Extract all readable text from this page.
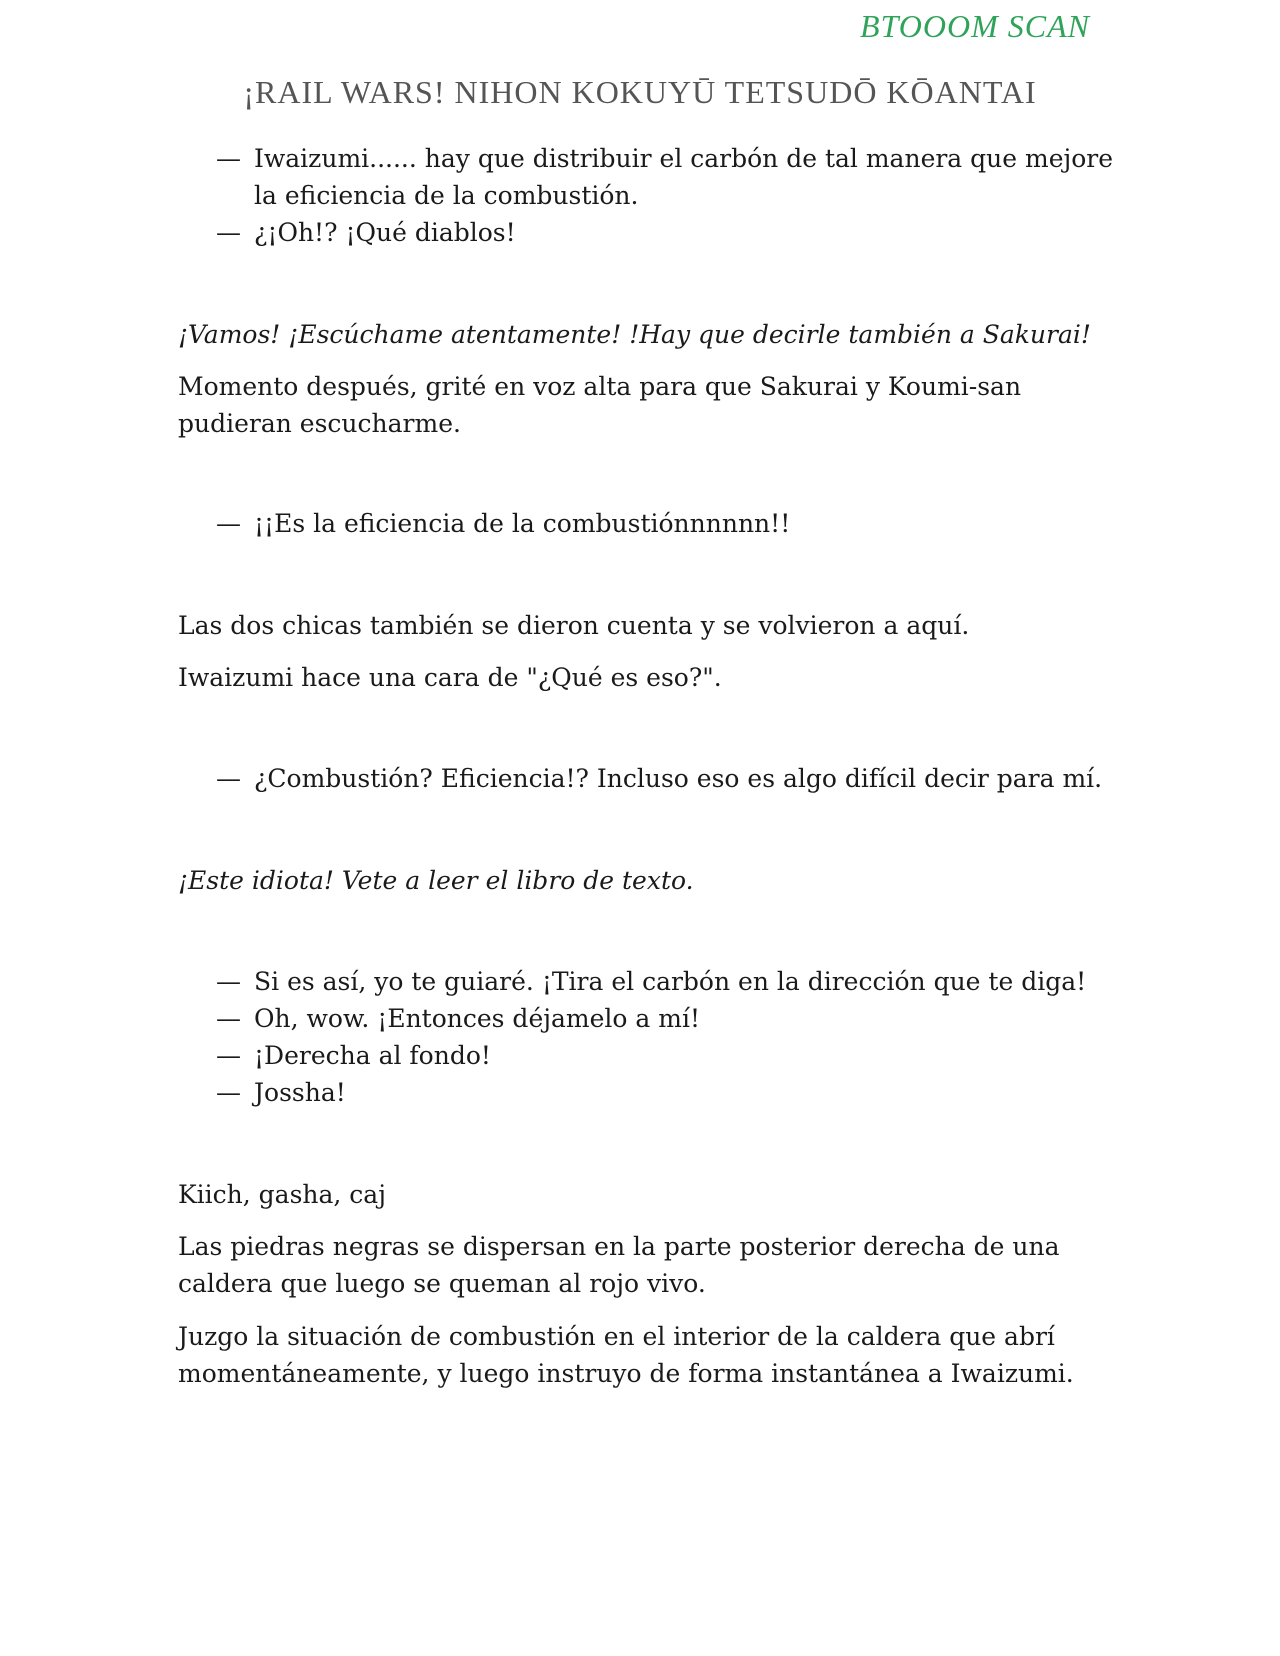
BTOOOM SCAN
¡RAIL WARS! NIHON KOKUYŪ TETSUDŌ KŌANTAI
— Iwaizumi...... hay que distribuir el carbón de tal manera que mejore
la eficiencia de la combustión.
— ¿¡Oh!? ¡Qué diablos!
¡Vamos! ¡Escúchame atentamente! !Hay que decirle también a Sakurai!
Momento después, grité en voz alta para que Sakurai y Koumi-san
pudieran escucharme.
— ¡¡Es la eficiencia de la combustiónnnnnn!!
Las dos chicas también se dieron cuenta y se volvieron a aquí.
Iwaizumi hace una cara de "¿Qué es eso?".
— ¿Combustión? Eficiencia!? Incluso eso es algo difícil decir para mí.
¡Este idiota! Vete a leer el libro de texto.
— Si es así, yo te guiaré. ¡Tira el carbón en la dirección que te diga!
— Oh, wow. ¡Entonces déjamelo a mí!
— ¡Derecha al fondo!
— Jossha!
Kiich, gasha, caj
Las piedras negras se dispersan en la parte posterior derecha de una
caldera que luego se queman al rojo vivo.
Juzgo la situación de combustión en el interior de la caldera que abrí
momentáneamente, y luego instruyo de forma instantánea a Iwaizumi.
